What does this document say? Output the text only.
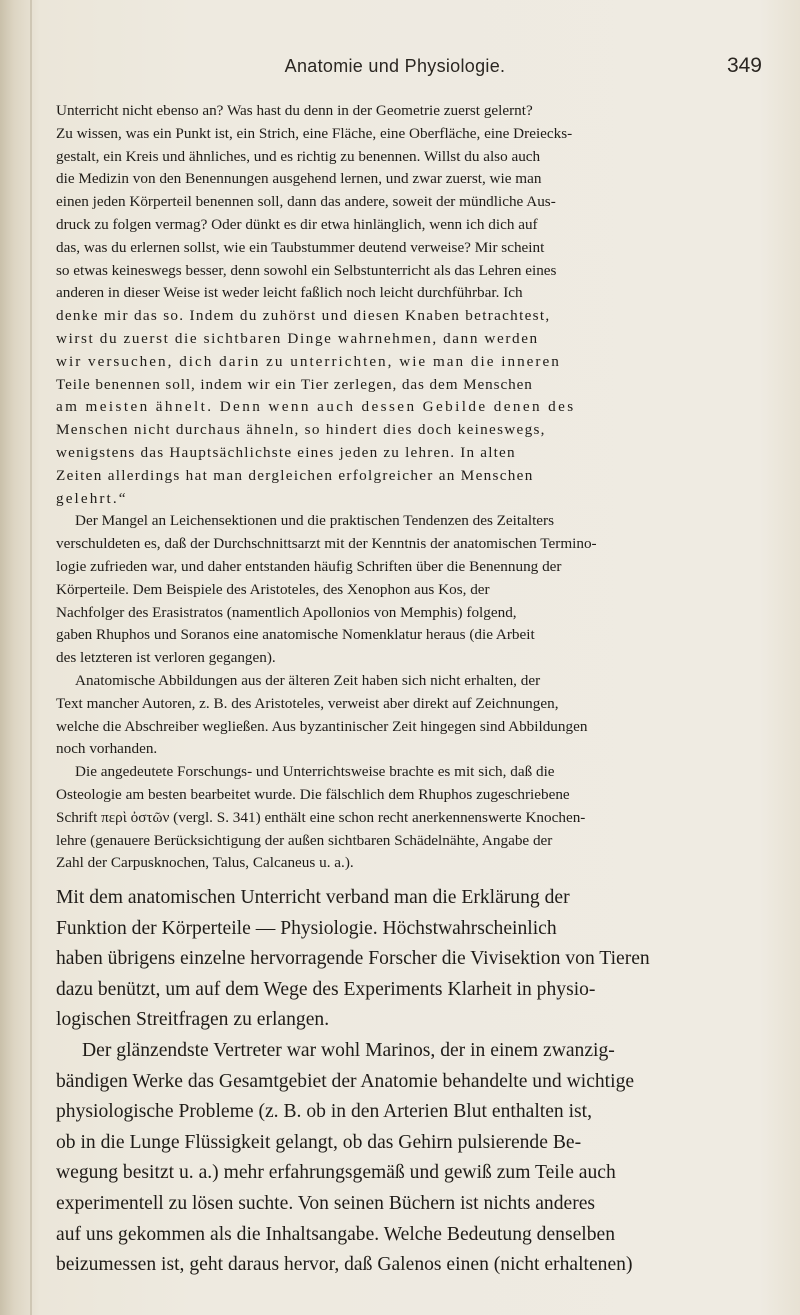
Anatomie und Physiologie.	349

Unterricht nicht ebenso an? Was hast du denn in der Geometrie zuerst gelernt?
Zu wissen, was ein Punkt ist, ein Strich, eine Fläche, eine Oberfläche, eine Dreiecks-
gestalt, ein Kreis und ähnliches, und es richtig zu benennen. Willst du also auch
die Medizin von den Benennungen ausgehend lernen, und zwar zuerst, wie man
einen jeden Körperteil benennen soll, dann das andere, soweit der mündliche Aus-
druck zu folgen vermag? Oder dünkt es dir etwa hinlänglich, wenn ich dich auf
das, was du erlernen sollst, wie ein Taubstummer deutend verweise? Mir scheint
so etwas keineswegs besser, denn sowohl ein Selbstunterricht als das Lehren eines
anderen in dieser Weise ist weder leicht faßlich noch leicht durchführbar. Ich
denke mir das so. Indem du zuhörst und diesen Knaben betrachtest,
wirst du zuerst die sichtbaren Dinge wahrnehmen, dann werden
wir versuchen, dich darin zu unterrichten, wie man die inneren
Teile benennen soll, indem wir ein Tier zerlegen, das dem Menschen
am meisten ähnelt. Denn wenn auch dessen Gebilde denen des
Menschen nicht durchaus ähneln, so hindert dies doch keineswegs,
wenigstens das Hauptsächlichste eines jeden zu lehren. In alten
Zeiten allerdings hat man dergleichen erfolgreicher an Menschen
gelehrt.“

Der Mangel an Leichensektionen und die praktischen Tendenzen des Zeitalters
verschuldeten es, daß der Durchschnittsarzt mit der Kenntnis der anatomischen Termino-
logie zufrieden war, und daher entstanden häufig Schriften über die Benennung der
Körperteile. Dem Beispiele des Aristoteles, des Xenophon aus Kos, der
Nachfolger des Erasistratos (namentlich Apollonios von Memphis) folgend,
gaben Rhuphos und Soranos eine anatomische Nomenklatur heraus (die Arbeit
des letzteren ist verloren gegangen).

Anatomische Abbildungen aus der älteren Zeit haben sich nicht erhalten, der
Text mancher Autoren, z. B. des Aristoteles, verweist aber direkt auf Zeichnungen,
welche die Abschreiber wegließen. Aus byzantinischer Zeit hingegen sind Abbildungen
noch vorhanden.

Die angedeutete Forschungs- und Unterrichtsweise brachte es mit sich, daß die
Osteologie am besten bearbeitet wurde. Die fälschlich dem Rhuphos zugeschriebene
Schrift περὶ ὀστῶν (vergl. S. 341) enthält eine schon recht anerkennenswerte Knochen-
lehre (genauere Berücksichtigung der außen sichtbaren Schädelnähte, Angabe der
Zahl der Carpusknochen, Talus, Calcaneus u. a.).

Mit dem anatomischen Unterricht verband man die Erklärung der
Funktion der Körperteile — Physiologie. Höchstwahrscheinlich
haben übrigens einzelne hervorragende Forscher die Vivisektion von Tieren
dazu benützt, um auf dem Wege des Experiments Klarheit in physio-
logischen Streitfragen zu erlangen.

Der glänzendste Vertreter war wohl Marinos, der in einem zwanzig-
bändigen Werke das Gesamtgebiet der Anatomie behandelte und wichtige
physiologische Probleme (z. B. ob in den Arterien Blut enthalten ist,
ob in die Lunge Flüssigkeit gelangt, ob das Gehirn pulsierende Be-
wegung besitzt u. a.) mehr erfahrungsgemäß und gewiß zum Teile auch
experimentell zu lösen suchte. Von seinen Büchern ist nichts anderes
auf uns gekommen als die Inhaltsangabe. Welche Bedeutung denselben
beizumessen ist, geht daraus hervor, daß Galenos einen (nicht erhaltenen)
